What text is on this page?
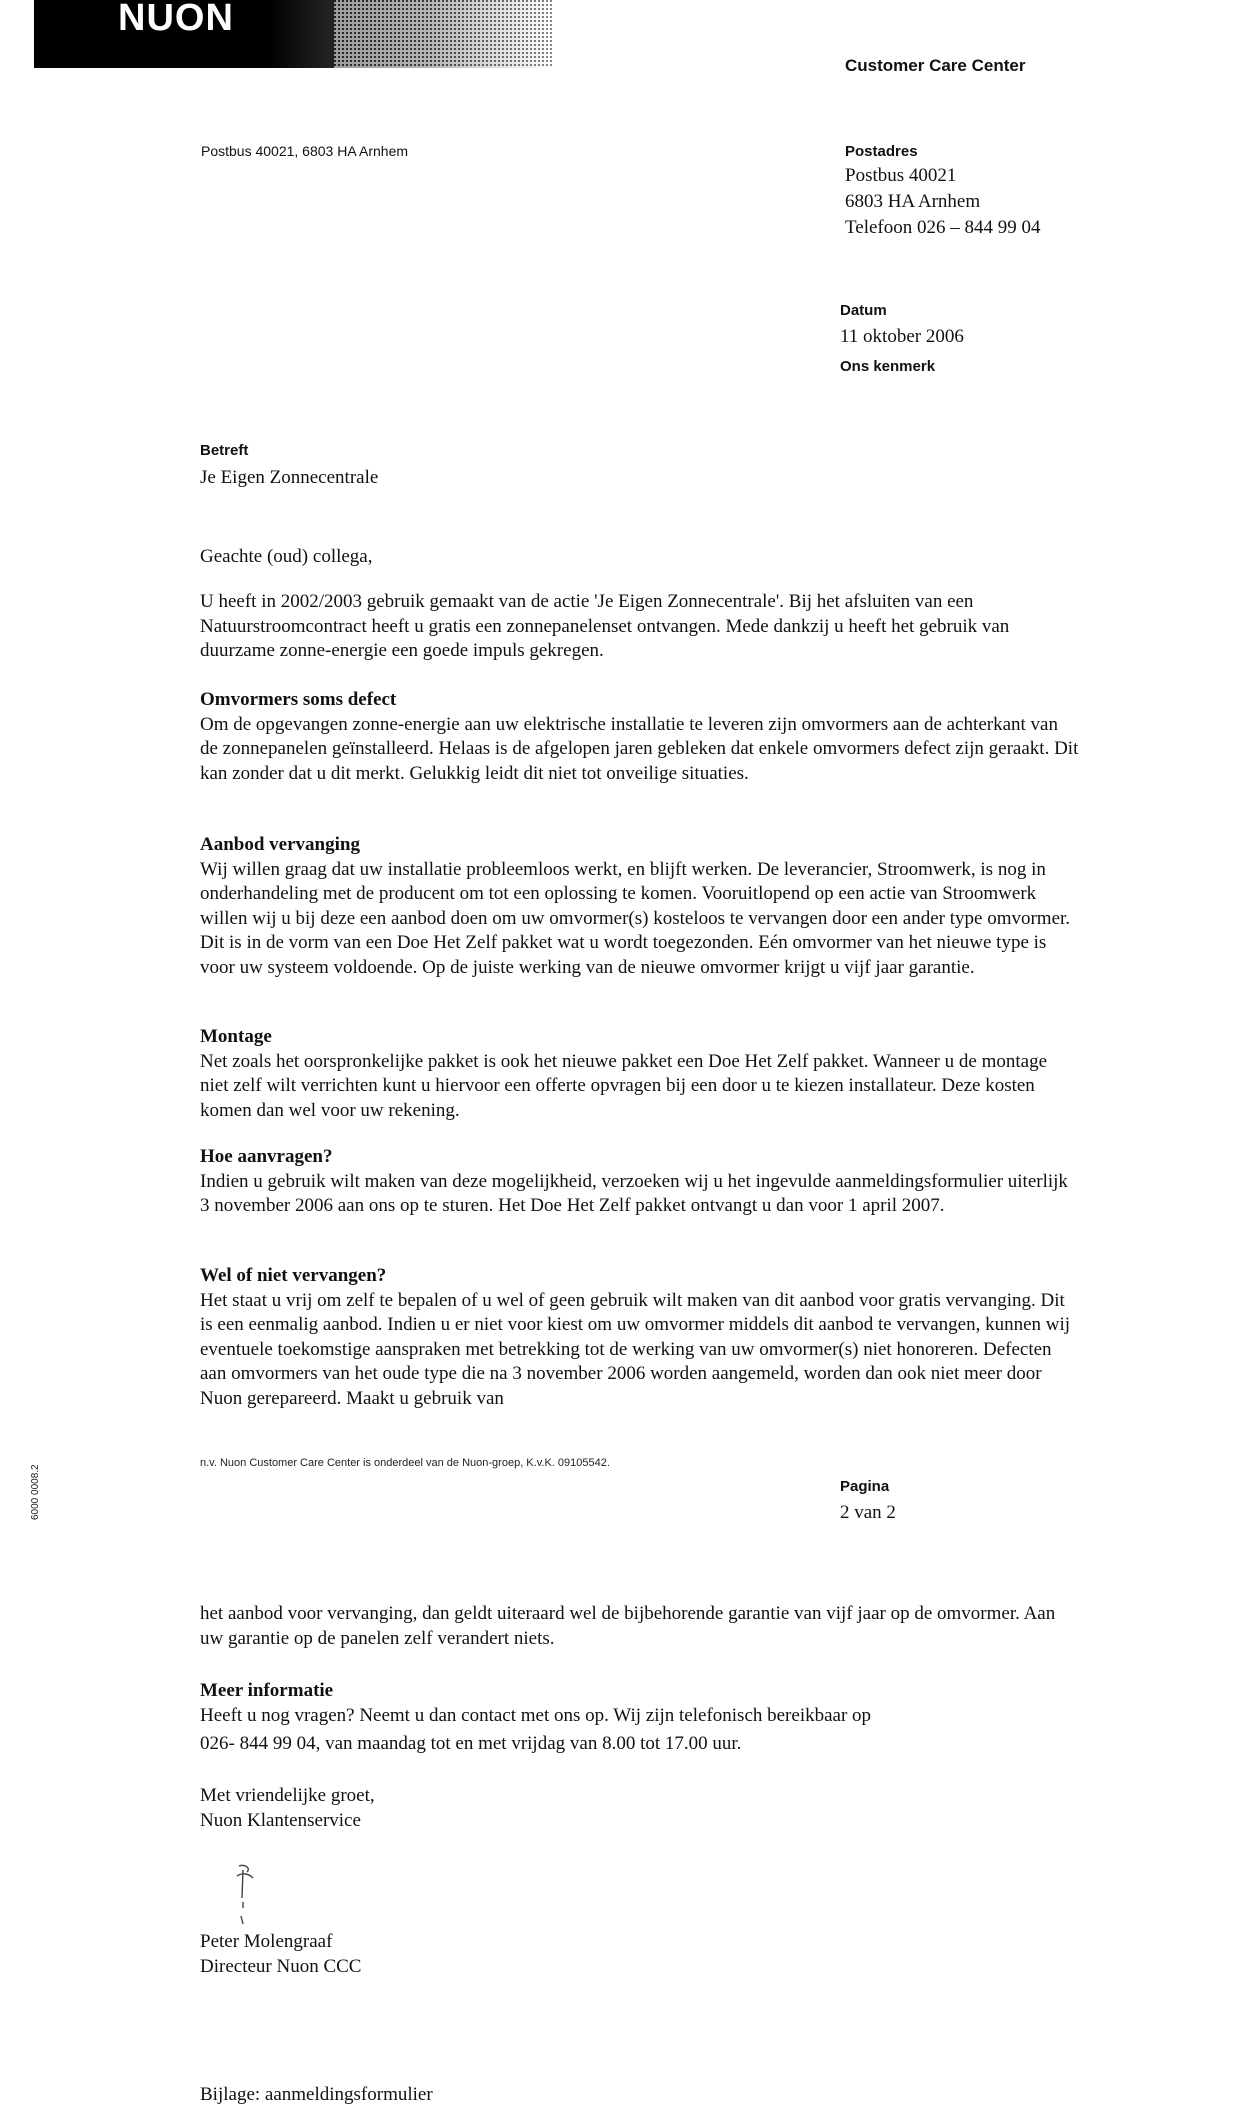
NUON
Customer Care Center
Postbus 40021, 6803 HA Arnhem	Postadres
Postbus 40021
6803 HA Arnhem
Telefoon 026 – 844 99 04
Datum
11 oktober 2006
Ons kenmerk
Betreft
Je Eigen Zonnecentrale
Geachte (oud) collega,

U heeft in 2002/2003 gebruik gemaakt van de actie 'Je Eigen Zonnecentrale'. Bij het afsluiten van een Natuurstroomcontract heeft u gratis een zonnepanelenset ontvangen. Mede dankzij u heeft het gebruik van duurzame zonne-energie een goede impuls gekregen.

Omvormers soms defect

Om de opgevangen zonne-energie aan uw elektrische installatie te leveren zijn omvormers aan de achterkant van de zonnepanelen geïnstalleerd. Helaas is de afgelopen jaren gebleken dat enkele omvormers defect zijn geraakt. Dit kan zonder dat u dit merkt. Gelukkig leidt dit niet tot onveilige situaties.

Aanbod vervanging

Wij willen graag dat uw installatie probleemloos werkt, en blijft werken. De leverancier, Stroomwerk, is nog in onderhandeling met de producent om tot een oplossing te komen. Vooruitlopend op een actie van Stroomwerk willen wij u bij deze een aanbod doen om uw omvormer(s) kosteloos te vervangen door een ander type omvormer. Dit is in de vorm van een Doe Het Zelf pakket wat u wordt toegezonden. Eén omvormer van het nieuwe type is voor uw systeem voldoende. Op de juiste werking van de nieuwe omvormer krijgt u vijf jaar garantie.

Montage

Net zoals het oorspronkelijke pakket is ook het nieuwe pakket een Doe Het Zelf pakket. Wanneer u de montage niet zelf wilt verrichten kunt u hiervoor een offerte opvragen bij een door u te kiezen installateur. Deze kosten komen dan wel voor uw rekening.

Hoe aanvragen?

Indien u gebruik wilt maken van deze mogelijkheid, verzoeken wij u het ingevulde aanmeldingsformulier uiterlijk 3 november 2006 aan ons op te sturen. Het Doe Het Zelf pakket ontvangt u dan voor 1 april 2007.

Wel of niet vervangen?

Het staat u vrij om zelf te bepalen of u wel of geen gebruik wilt maken van dit aanbod voor gratis vervanging. Dit is een eenmalig aanbod. Indien u er niet voor kiest om uw omvormer middels dit aanbod te vervangen, kunnen wij eventuele toekomstige aanspraken met betrekking tot de werking van uw omvormer(s) niet honoreren. Defecten aan omvormers van het oude type die na 3 november 2006 worden aangemeld, worden dan ook niet meer door Nuon gerepareerd. Maakt u gebruik van

6000 0008.2
n.v. Nuon Customer Care Center is onderdeel van de Nuon-groep, K.v.K. 09105542.
Pagina
2 van 2

het aanbod voor vervanging, dan geldt uiteraard wel de bijbehorende garantie van vijf jaar op de omvormer. Aan uw garantie op de panelen zelf verandert niets.

Meer informatie

Heeft u nog vragen? Neemt u dan contact met ons op. Wij zijn telefonisch bereikbaar op

026- 844 99 04, van maandag tot en met vrijdag van 8.00 tot 17.00 uur.

Met vriendelijke groet,

Nuon Klantenservice

Peter Molengraaf

Directeur Nuon CCC

Bijlage: aanmeldingsformulier
